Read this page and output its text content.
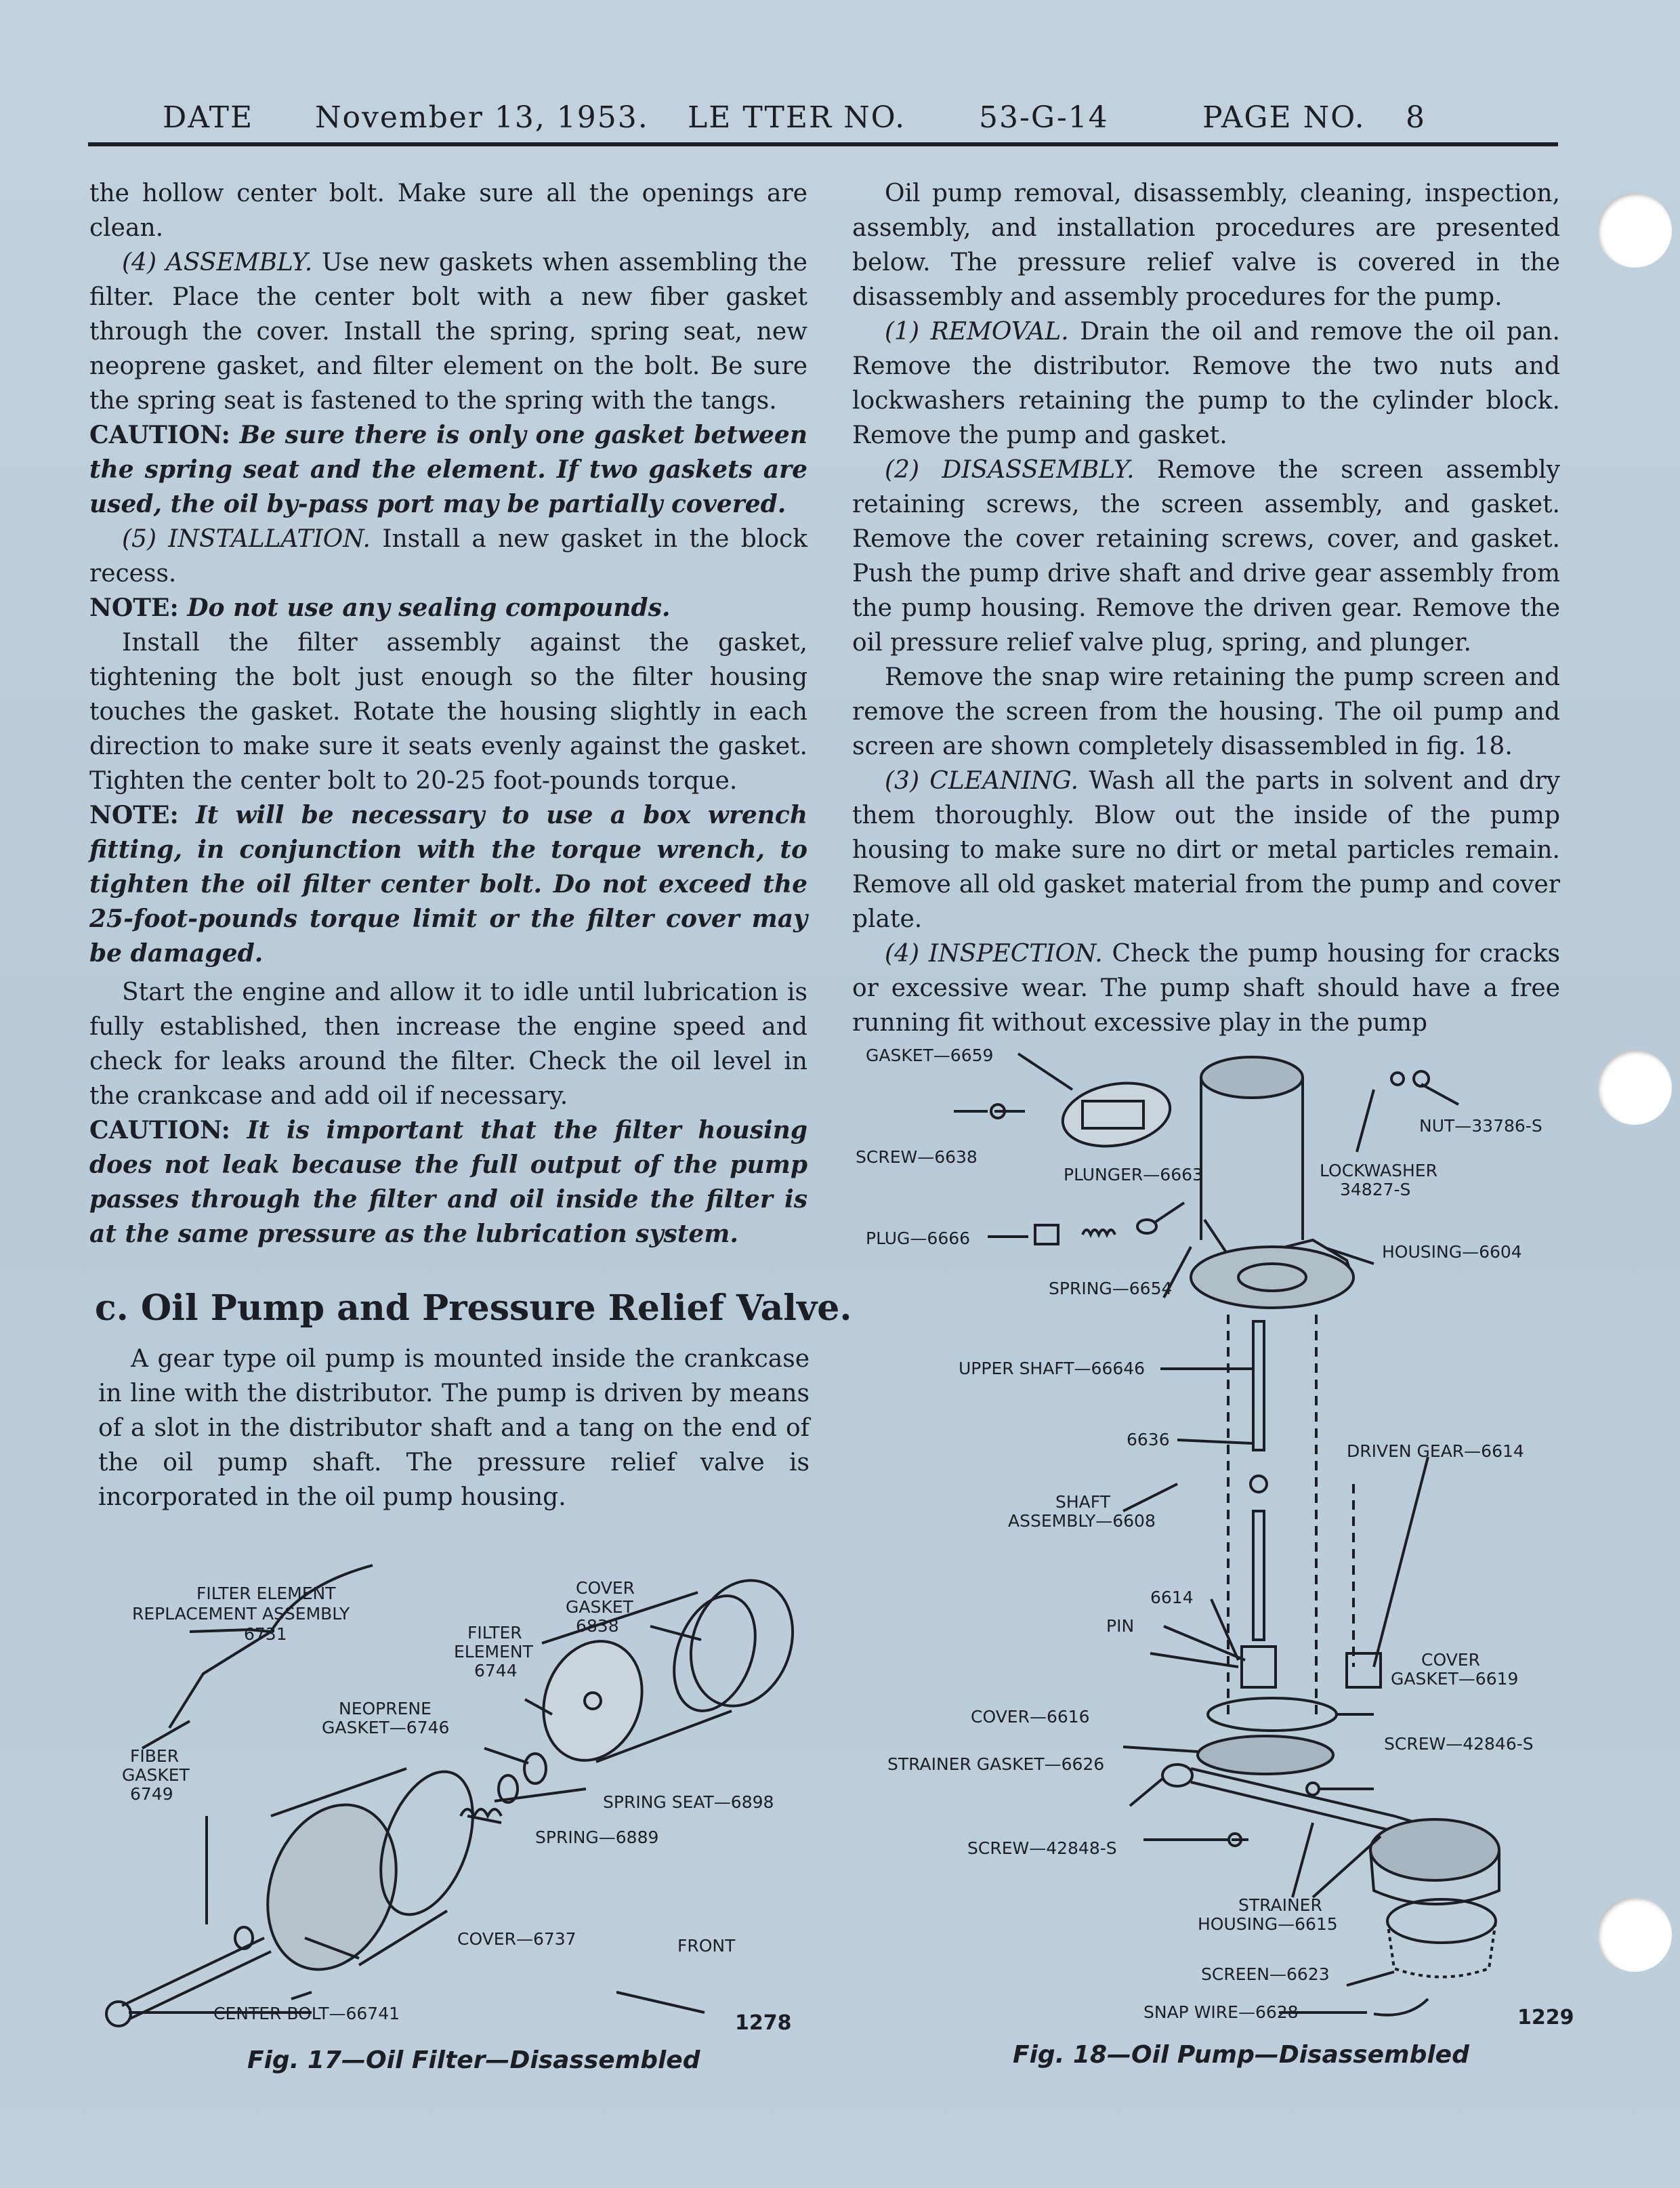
DATE November 13, 1953. LE TTER NO. 53-G-14	PAGE NO. 8

the hollow center bolt. Make sure all the openings are clean.

(4) ASSEMBLY. Use new gaskets when assembling the filter. Place the center bolt with a new fiber gasket through the cover. Install the spring, spring seat, new neoprene gasket, and filter element on the bolt. Be sure the spring seat is fastened to the spring with the tangs.

CAUTION: Be sure there is only one gasket between the spring seat and the element. If two gaskets are used, the oil by-pass port may be partially covered.

(5) INSTALLATION. Install a new gasket in the block recess.

NOTE: Do not use any sealing compounds.

Install the filter assembly against the gasket, tightening the bolt just enough so the filter housing touches the gasket. Rotate the housing slightly in each direction to make sure it seats evenly against the gasket. Tighten the center bolt to 20-25 foot-pounds torque.

NOTE: It will be necessary to use a box wrench fitting, in conjunction with the torque wrench, to tighten the oil filter center bolt. Do not exceed the 25-foot-pounds torque limit or the filter cover may be damaged.

Start the engine and allow it to idle until lubrication is fully established, then increase the engine speed and check for leaks around the filter. Check the oil level in the crankcase and add oil if necessary.

CAUTION: It is important that the filter housing does not leak because the full output of the pump passes through the filter and oil inside the filter is at the same pressure as the lubrication system.

c. Oil Pump and Pressure Relief Valve.

A gear type oil pump is mounted inside the crankcase in line with the distributor. The pump is driven by means of a slot in the distributor shaft and a tang on the end of the oil pump shaft. The pressure relief valve is incorporated in the oil pump housing.

Oil pump removal, disassembly, cleaning, inspection, assembly, and installation procedures are presented below. The pressure relief valve is covered in the disassembly and assembly procedures for the pump.

(1) REMOVAL. Drain the oil and remove the oil pan. Remove the distributor. Remove the two nuts and lockwashers retaining the pump to the cylinder block. Remove the pump and gasket.

(2) DISASSEMBLY. Remove the screen assembly retaining screws, the screen assembly, and gasket. Remove the cover retaining screws, cover, and gasket. Push the pump drive shaft and drive gear assembly from the pump housing. Remove the driven gear. Remove the oil pressure relief valve plug, spring, and plunger.

Remove the snap wire retaining the pump screen and remove the screen from the housing. The oil pump and screen are shown completely disassembled in fig. 18.

(3) CLEANING. Wash all the parts in solvent and dry them thoroughly. Blow out the inside of the pump housing to make sure no dirt or metal particles remain. Remove all old gasket material from the pump and cover plate.

(4) INSPECTION. Check the pump housing for cracks or excessive wear. The pump shaft should have a free running fit without excessive play in the pump

FILTER ELEMENT
REPLACEMENT ASSEMBLY
6731
COVER
GASKET
6838
FILTER
ELEMENT
6744
NEOPRENE
GASKET—6746
FIBER
GASKET
6749	SPRING SEAT—6898
SPRING—6889
COVER—6737	FRONT
CENTER BOLT—66741	1278
Fig. 17—Oil Filter—Disassembled
GASKET—6659
NUT—33786-S
SCREW—6638
PLUNGER—6663	LOCKWASHER
34827-S
PLUG—6666
HOUSING—6604
SPRING—6654
UPPER SHAFT—66646
6636
DRIVEN GEAR—6614
SHAFT
ASSEMBLY—6608
6614
PIN
COVER
GASKET—6619
COVER—6616
SCREW—42846-S
STRAINER GASKET—6626
SCREW—42848-S
STRAINER
HOUSING—6615
SCREEN—6623
SNAP WIRE—6628	1229
Fig. 18—Oil Pump—Disassembled
